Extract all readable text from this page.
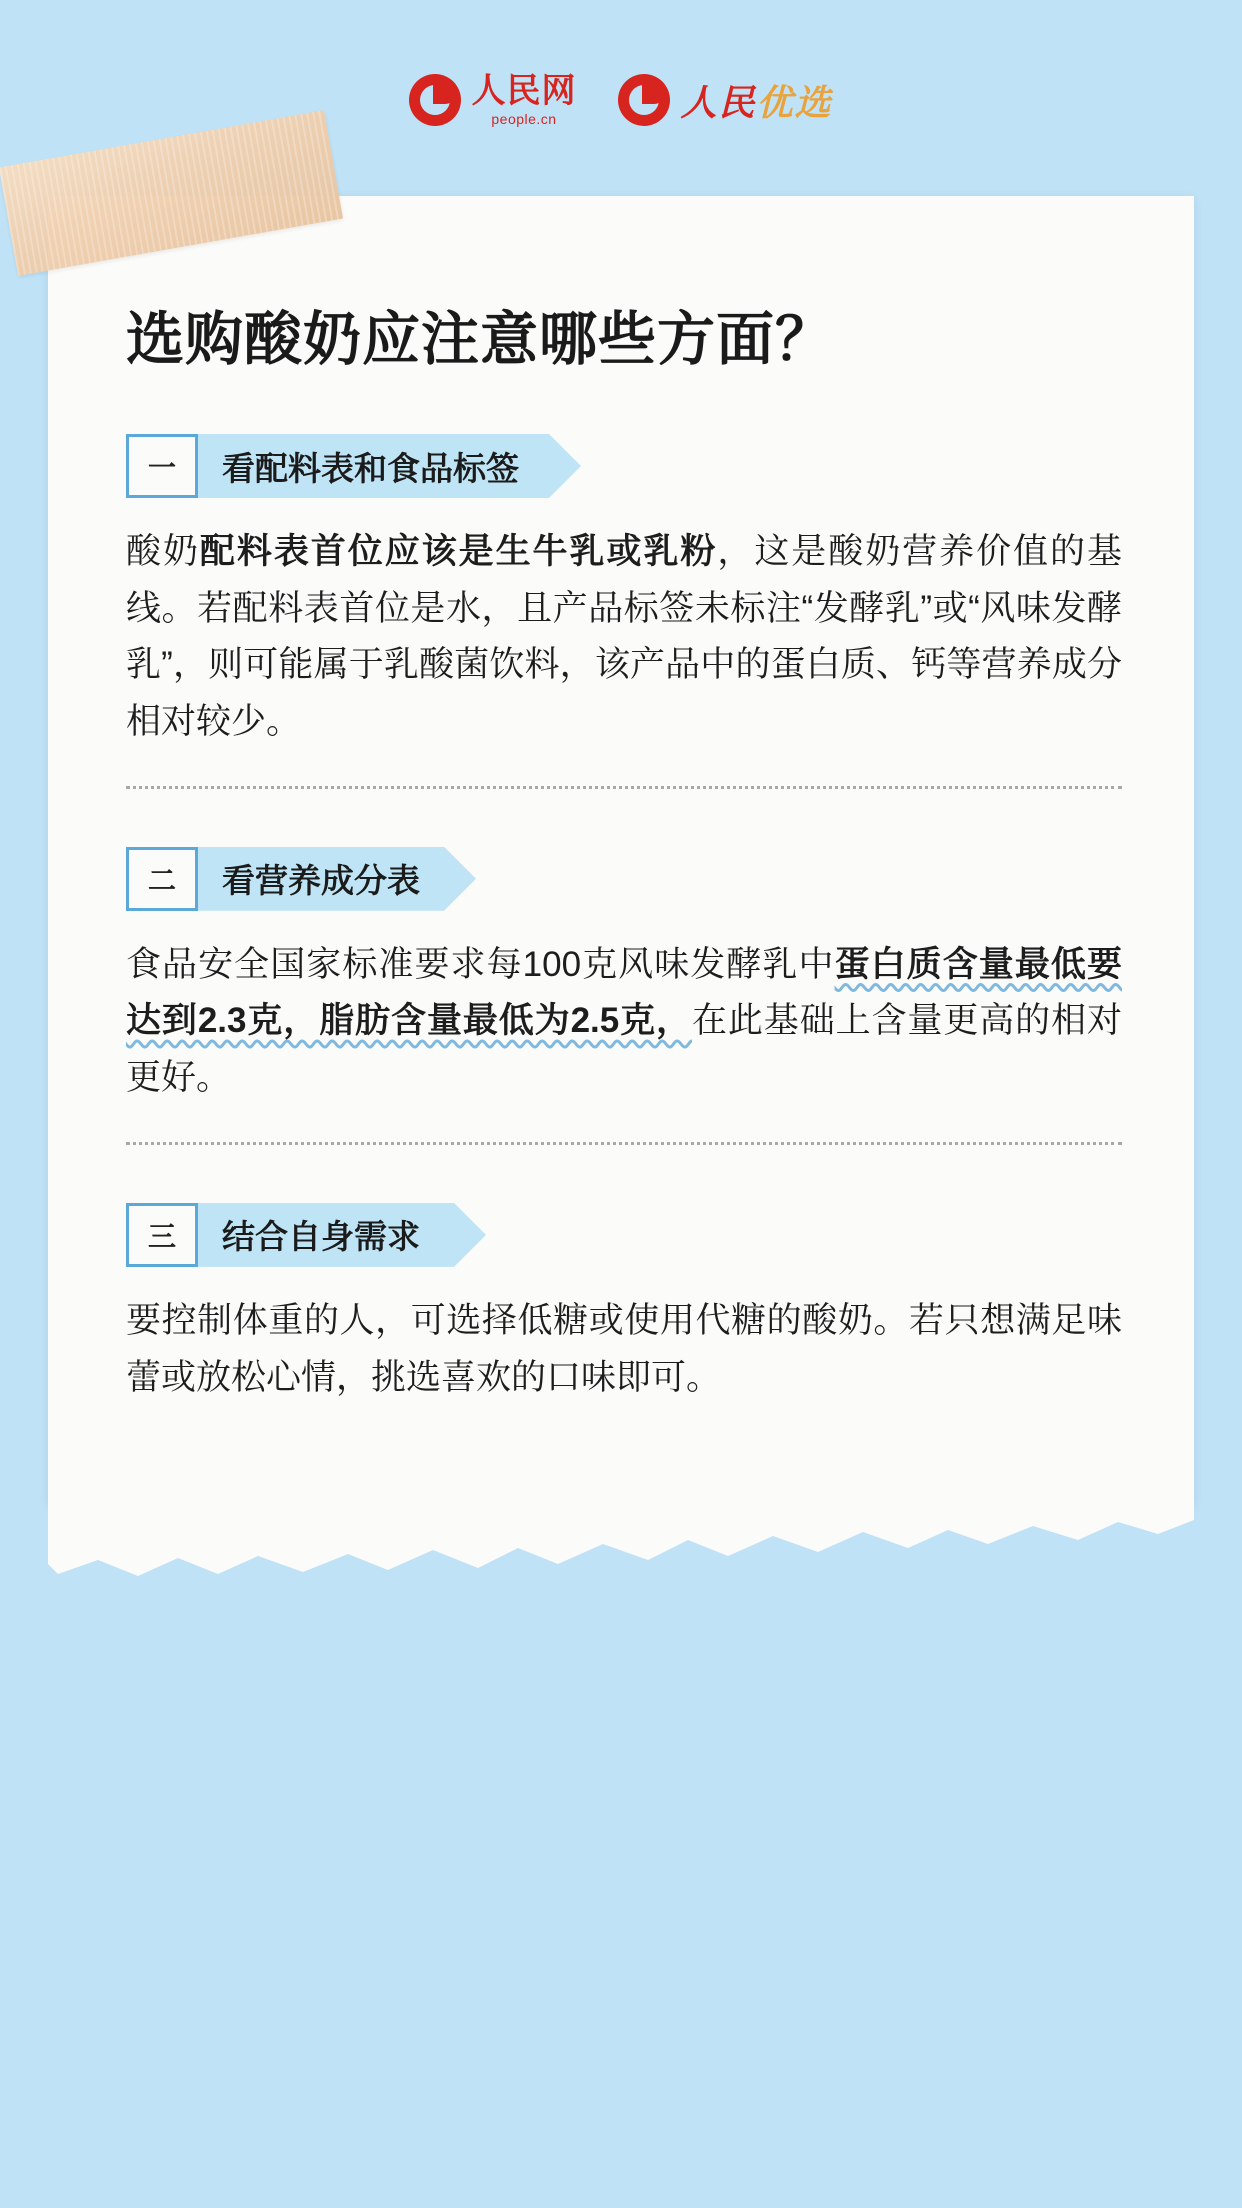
人民网
people.cn	人民优选
选购酸奶应注意哪些方面？
一	看配料表和食品标签

酸奶配料表首位应该是生牛乳或乳粉，这是酸奶营养价值的基线。若配料表首位是水，且产品标签未标注“发酵乳”或“风味发酵乳”，则可能属于乳酸菌饮料，该产品中的蛋白质、钙等营养成分相对较少。

二	看营养成分表

食品安全国家标准要求每100克风味发酵乳中蛋白质含量最低要达到2.3克，脂肪含量最低为2.5克，在此基础上含量更高的相对更好。

三	结合自身需求

要控制体重的人，可选择低糖或使用代糖的酸奶。若只想满足味蕾或放松心情，挑选喜欢的口味即可。
